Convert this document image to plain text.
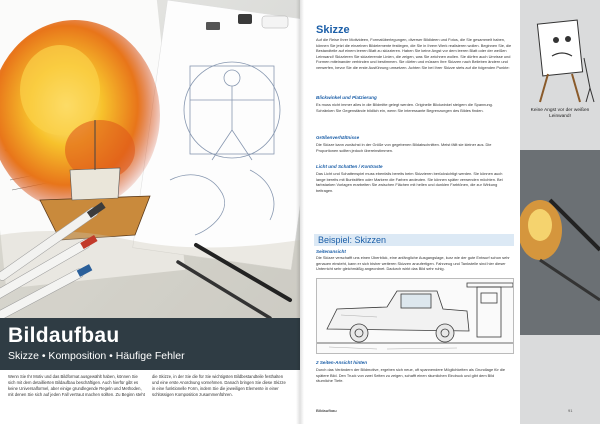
Bildaufbau
Skizze • Komposition • Häufige Fehler
Wenn Sie Ihr Motiv und das Bildformat ausgewählt haben, können Sie sich mit dem detaillierten Bildaufbau beschäftigen. Auch hierfür gibt es keine Universalformel, aber einige grundlegende Regeln und Methoden, mit denen Sie sich auf jeden Fall vertraut machen sollten. Zu Beginn steht
die Skizze, in der Sie die für Sie wichtigsten Bildbestandteile festhalten und eine erste Anordnung vornehmen. Danach bringen Sie diese Skizze in eine funktionelle Form, indem Sie die jeweiligen Elemente in einer schlüssigen Komposition zusammenführen.
Keine Angst vor der weißen Leinwand!
Skizze
Auf die Reise Ihrer Motivideen, Formatüberlegungen, diverser Bildideen und Fotos, die Sie gesammelt haben, können Sie jetzt die einzelnen Bildelemente festlegen, die Sie in Ihrem Werk realisieren wollen. Beginnen Sie, die Bestandteile auf einem leeren Blatt zu skizzieren. Haben Sie keine Angst vor dem leeren Blatt oder der weißen Leinwand! Skizzieren Sie skizzierende Linien, die zeigen, was Sie zeichnen wollen. Sie dürfen auch Umrisse und Formen miteinander verbinden und bestimmen. Sie dürfen und müssen Ihre Skizzen nach Belieben ändern und verwerfen, bevor Sie die erste Ausführung umsetzen. Achten Sie bei Ihrer Skizze stets auf die folgenden Punkte:
Blickwinkel und Platzierung
Es muss nicht immer alles in die Bildmitte gelegt werden. Originelle Blickwinkel steigern die Spannung. Schränken Sie Gegenstände bildlich ein, wenn Sie interessante Begrenzungen des Bildes finden.
Größenverhältnisse
Die Skizze kann zunächst in der Größe von gegebenen Bildabschnitten. Meist fällt sie kleiner aus. Die Proportionen sollten jedoch übereinstimmen.
Licht und Schatten / Kontraste
Das Licht und Schattenspiel muss ebenfalls bereits beim Skizzieren berücksichtigt werden. Sie können auch lange bereits mit Buntstiften oder Markern die Farben andeuten. Sie können später verwenden möchten. Bei farbstarken Vorlagen erarbeiten Sie zwischen Flächen mit hellen und dunklen Farbtönen, die zur Wirkung beitragen.
Beispiel: Skizzen
Seitenansicht
Die Skizze verschafft uns einen Überblick, eine anfängliche Ausgangslage, kurz wie der gute Entwurf schon sehr genauen einsteht, kann er sich bisher weiteren Skizzen anzufertigen. Fahrzeug und Tankstelle sind hier dieser Unterricht sehr gleichmäßig angeordnet. Dadurch wirkt das Bild sehr ruhig.
2 Seiten-Ansicht hinten
Durch das Verändern der Bildmotive, ergeben sich neue, oft spannendere Möglichkeiten als Grundlage für die spätere Bild. Den Truck von zwei Seiten zu zeigen, schafft einen räumlichen Eindruck und gibt dem Bild räumliche Tiefe.
Bildaufbau	91
